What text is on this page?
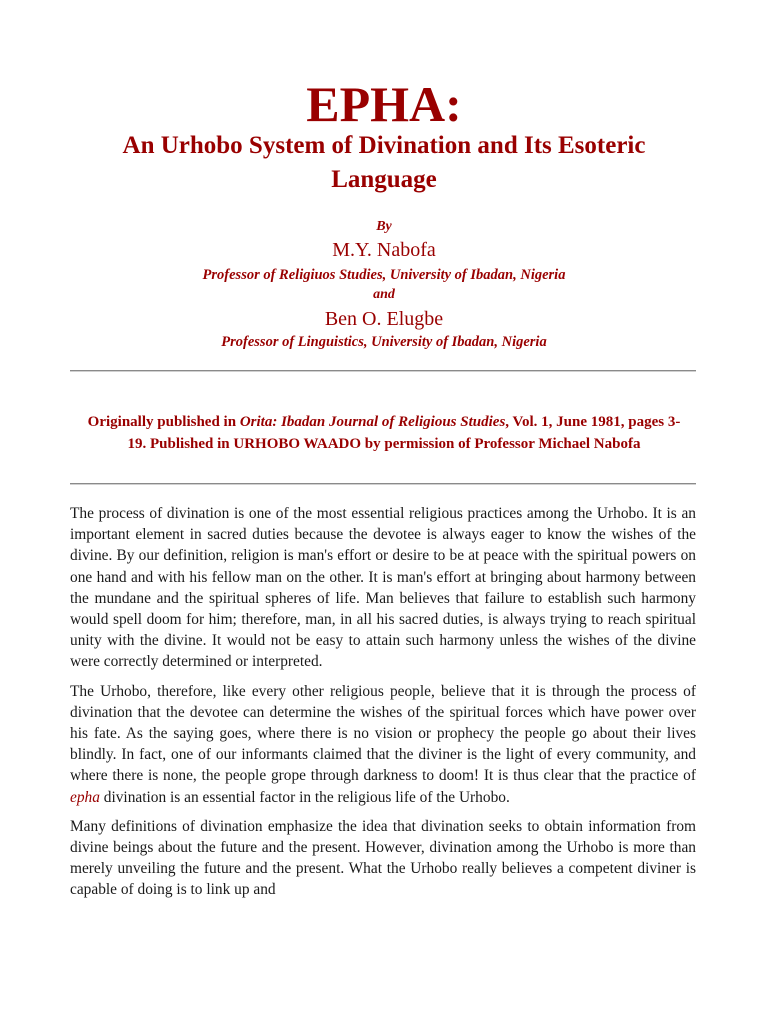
EPHA:
An Urhobo System of Divination and Its Esoteric Language
By
M.Y. Nabofa
Professor of Religiuos Studies, University of Ibadan, Nigeria
and
Ben O. Elugbe
Professor of Linguistics, University of Ibadan, Nigeria

Originally published in Orita: Ibadan Journal of Religious Studies, Vol. 1, June 1981, pages 3-19. Published in URHOBO WAADO by permission of Professor Michael Nabofa

The process of divination is one of the most essential religious practices among the Urhobo. It is an important element in sacred duties because the devotee is always eager to know the wishes of the divine. By our definition, religion is man's effort or desire to be at peace with the spiritual powers on one hand and with his fellow man on the other. It is man's effort at bringing about harmony between the mundane and the spiritual spheres of life. Man believes that failure to establish such harmony would spell doom for him; therefore, man, in all his sacred duties, is always trying to reach spiritual unity with the divine. It would not be easy to attain such harmony unless the wishes of the divine were correctly determined or interpreted.

The Urhobo, therefore, like every other religious people, believe that it is through the process of divination that the devotee can determine the wishes of the spiritual forces which have power over his fate. As the saying goes, where there is no vision or prophecy the people go about their lives blindly. In fact, one of our informants claimed that the diviner is the light of every community, and where there is none, the people grope through darkness to doom! It is thus clear that the practice of epha divination is an essential factor in the religious life of the Urhobo.

Many definitions of divination emphasize the idea that divination seeks to obtain information from divine beings about the future and the present. However, divination among the Urhobo is more than merely unveiling the future and the present. What the Urhobo really believes a competent diviner is capable of doing is to link up and
